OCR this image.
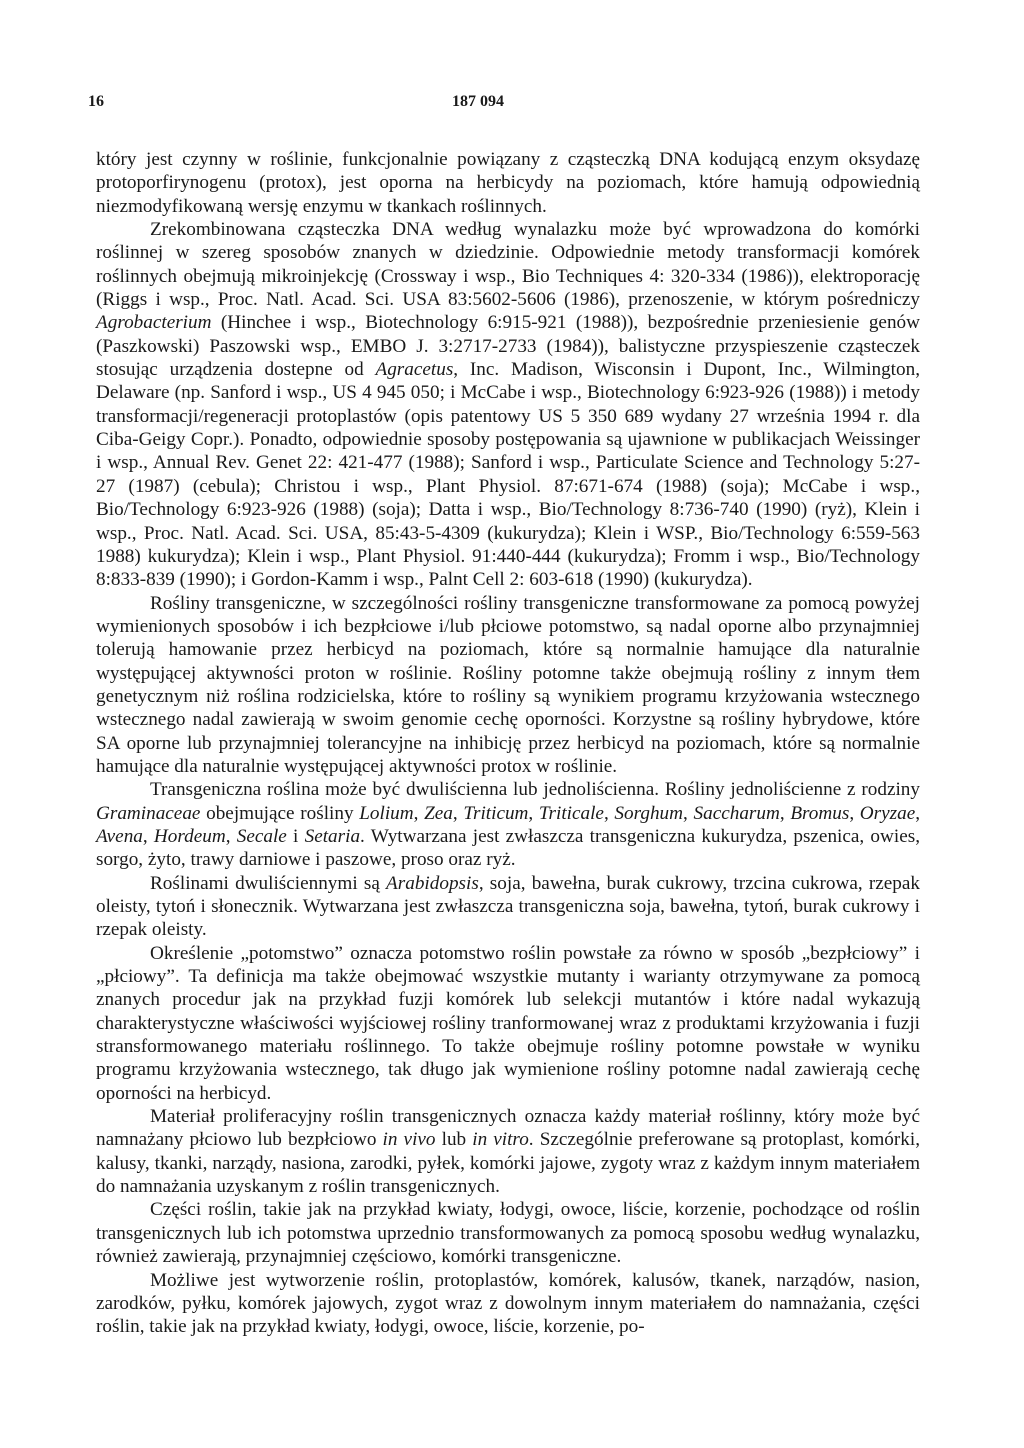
16	187 094

który jest czynny w roślinie, funkcjonalnie powiązany z cząsteczką DNA kodującą enzym oksydazę protoporfirynogenu (protox), jest oporna na herbicydy na poziomach, które hamują odpowiednią niezmodyfikowaną wersję enzymu w tkankach roślinnych.

Zrekombinowana cząsteczka DNA według wynalazku może być wprowadzona do komórki roślinnej w szereg sposobów znanych w dziedzinie. Odpowiednie metody transformacji komórek roślinnych obejmują mikroinjekcję (Crossway i wsp., Bio Techniques 4: 320-334 (1986)), elektroporację (Riggs i wsp., Proc. Natl. Acad. Sci. USA 83:5602-5606 (1986), przenoszenie, w którym pośredniczy Agrobacterium (Hinchee i wsp., Biotechnology 6:915-921 (1988)), bezpośrednie przeniesienie genów (Paszkowski) Paszowski wsp., EMBO J. 3:2717-2733 (1984)), balistyczne przyspieszenie cząsteczek stosując urządzenia dostepne od Agracetus, Inc. Madison, Wisconsin i Dupont, Inc., Wilmington, Delaware (np. Sanford i wsp., US 4 945 050; i McCabe i wsp., Biotechnology 6:923-926 (1988)) i metody transformacji/regeneracji protoplastów (opis patentowy US 5 350 689 wydany 27 września 1994 r. dla Ciba-Geigy Copr.). Ponadto, odpowiednie sposoby postępowania są ujawnione w publikacjach Weissinger i wsp., Annual Rev. Genet 22: 421-477 (1988); Sanford i wsp., Particulate Science and Technology 5:27-27 (1987) (cebula); Christou i wsp., Plant Physiol. 87:671-674 (1988) (soja); McCabe i wsp., Bio/Technology 6:923-926 (1988) (soja); Datta i wsp., Bio/Technology 8:736-740 (1990) (ryż), Klein i wsp., Proc. Natl. Acad. Sci. USA, 85:43-5-4309 (kukurydza); Klein i WSP., Bio/Technology 6:559-563 1988) kukurydza); Klein i wsp., Plant Physiol. 91:440-444 (kukurydza); Fromm i wsp., Bio/Technology 8:833-839 (1990); i Gordon-Kamm i wsp., Palnt Cell 2: 603-618 (1990) (kukurydza).

Rośliny transgeniczne, w szczególności rośliny transgeniczne transformowane za pomocą powyżej wymienionych sposobów i ich bezpłciowe i/lub płciowe potomstwo, są nadal oporne albo przynajmniej tolerują hamowanie przez herbicyd na poziomach, które są normalnie hamujące dla naturalnie występującej aktywności proton w roślinie. Rośliny potomne także obejmują rośliny z innym tłem genetycznym niż roślina rodzicielska, które to rośliny są wynikiem programu krzyżowania wstecznego wstecznego nadal zawierają w swoim genomie cechę oporności. Korzystne są rośliny hybrydowe, które SA oporne lub przynajmniej tolerancyjne na inhibicję przez herbicyd na poziomach, które są normalnie hamujące dla naturalnie występującej aktywności protox w roślinie.

Transgeniczna roślina może być dwuliścienna lub jednoliścienna. Rośliny jednoliścienne z rodziny Graminaceae obejmujące rośliny Lolium, Zea, Triticum, Triticale, Sorghum, Saccharum, Bromus, Oryzae, Avena, Hordeum, Secale i Setaria. Wytwarzana jest zwłaszcza transgeniczna kukurydza, pszenica, owies, sorgo, żyto, trawy darniowe i paszowe, proso oraz ryż.

Roślinami dwuliściennymi są Arabidopsis, soja, bawełna, burak cukrowy, trzcina cukrowa, rzepak oleisty, tytoń i słonecznik. Wytwarzana jest zwłaszcza transgeniczna soja, bawełna, tytoń, burak cukrowy i rzepak oleisty.

Określenie „potomstwo” oznacza potomstwo roślin powstałe za równo w sposób „bezpłciowy” i „płciowy”. Ta definicja ma także obejmować wszystkie mutanty i warianty otrzymywane za pomocą znanych procedur jak na przykład fuzji komórek lub selekcji mutantów i które nadal wykazują charakterystyczne właściwości wyjściowej rośliny tranformowanej wraz z produktami krzyżowania i fuzji stransformowanego materiału roślinnego. To także obejmuje rośliny potomne powstałe w wyniku programu krzyżowania wstecznego, tak długo jak wymienione rośliny potomne nadal zawierają cechę oporności na herbicyd.

Materiał proliferacyjny roślin transgenicznych oznacza każdy materiał roślinny, który może być namnażany płciowo lub bezpłciowo in vivo lub in vitro. Szczególnie preferowane są protoplast, komórki, kalusy, tkanki, narządy, nasiona, zarodki, pyłek, komórki jajowe, zygoty wraz z każdym innym materiałem do namnażania uzyskanym z roślin transgenicznych.

Części roślin, takie jak na przykład kwiaty, łodygi, owoce, liście, korzenie, pochodzące od roślin transgenicznych lub ich potomstwa uprzednio transformowanych za pomocą sposobu według wynalazku, również zawierają, przynajmniej częściowo, komórki transgeniczne.

Możliwe jest wytworzenie roślin, protoplastów, komórek, kalusów, tkanek, narządów, nasion, zarodków, pyłku, komórek jajowych, zygot wraz z dowolnym innym materiałem do namnażania, części roślin, takie jak na przykład kwiaty, łodygi, owoce, liście, korzenie, po-
